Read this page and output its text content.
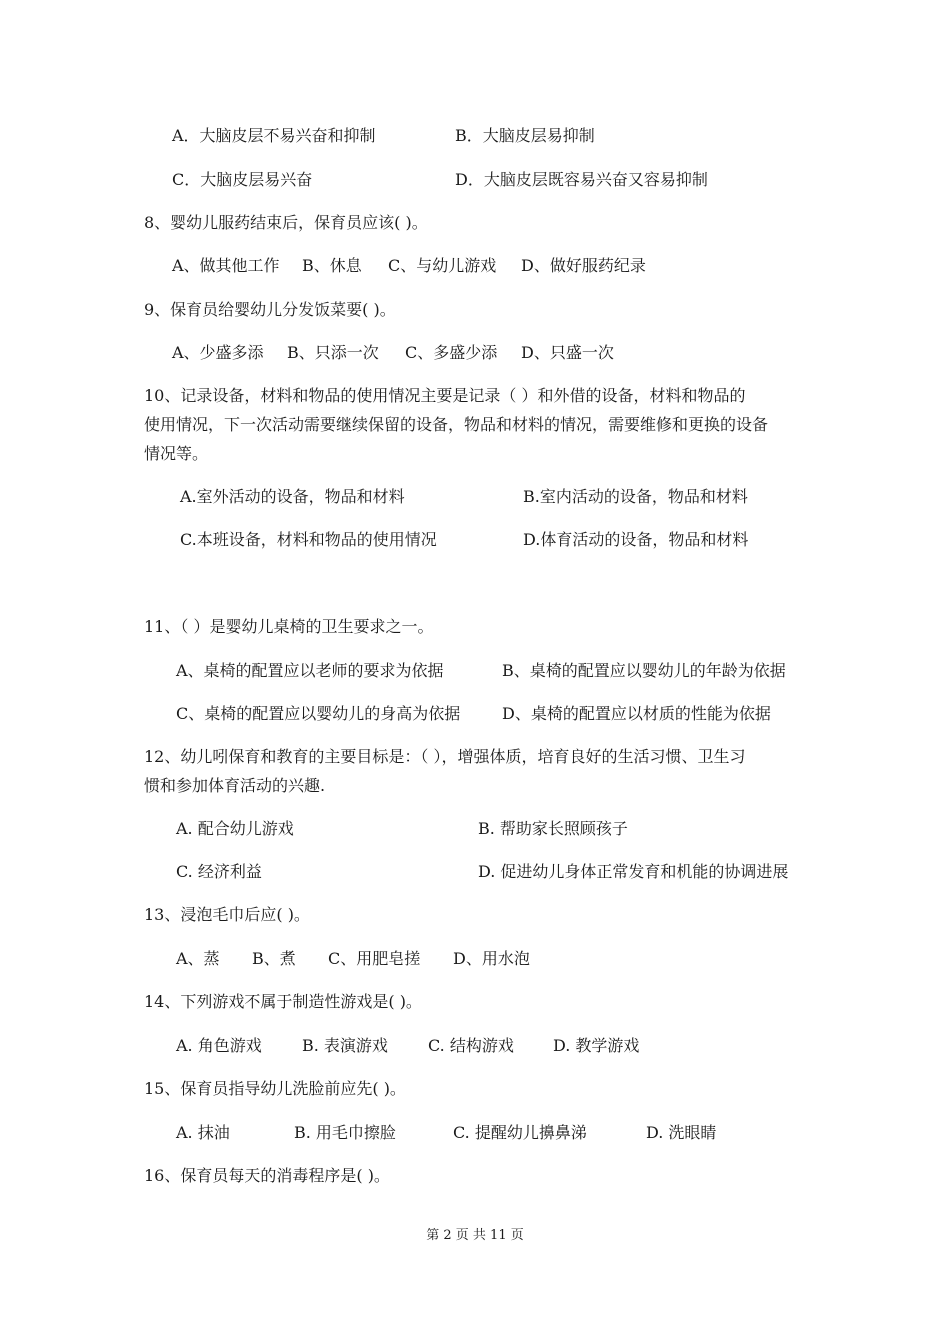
A．大脑皮层不易兴奋和抑制	B．大脑皮层易抑制
C．大脑皮层易兴奋	D．大脑皮层既容易兴奋又容易抑制
8、婴幼儿服药结束后，保育员应该( )。
A、做其他工作 B、休息 C、与幼儿游戏 D、做好服药纪录
9、保育员给婴幼儿分发饭菜要( )。
A、少盛多添 B、只添一次 C、多盛少添 D、只盛一次
10、记录设备，材料和物品的使用情况主要是记录（ ）和外借的设备，材料和物品的
使用情况，下一次活动需要继续保留的设备，物品和材料的情况，需要维修和更换的设备
情况等。
A.室外活动的设备，物品和材料	B.室内活动的设备，物品和材料
C.本班设备，材料和物品的使用情况	D.体育活动的设备，物品和材料
11、（ ）是婴幼儿桌椅的卫生要求之一。
A、桌椅的配置应以老师的要求为依据	B、桌椅的配置应以婴幼儿的年龄为依据
C、桌椅的配置应以婴幼儿的身高为依据	D、桌椅的配置应以材质的性能为依据
12、幼儿吲保育和教育的主要目标是：（ ），增强体质，培育良好的生活习惯、卫生习
惯和参加体育活动的兴趣.
A. 配合幼儿游戏	B. 帮助家长照顾孩子
C. 经济利益	D. 促进幼儿身体正常发育和机能的协调进展
13、浸泡毛巾后应( )。
A、蒸 B、煮 C、用肥皂搓 D、用水泡
14、下列游戏不属于制造性游戏是( )。
A. 角色游戏	B. 表演游戏	C. 结构游戏 D. 教学游戏
15、保育员指导幼儿洗脸前应先( )。
A. 抹油	B. 用毛巾擦脸	C. 提醒幼儿擤鼻涕	D. 洗眼睛
16、保育员每天的消毒程序是( )。
第 2 页 共 11 页
